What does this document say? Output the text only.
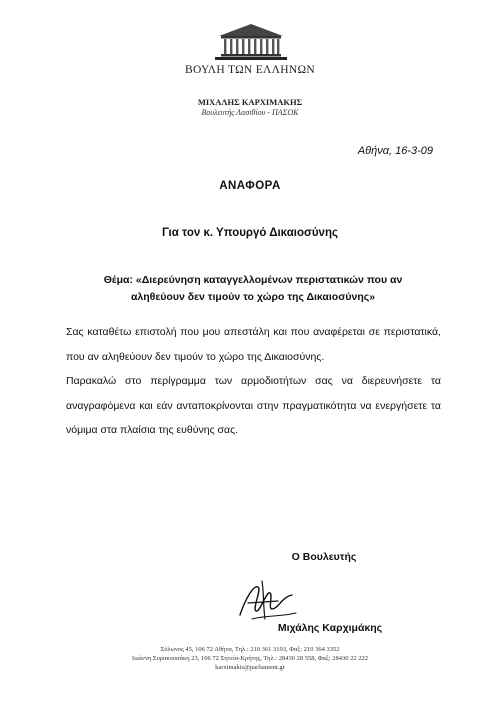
ΒΟΥΛΗ ΤΩΝ ΕΛΛΗΝΩΝ
ΜΙΧΑΛΗΣ ΚΑΡΧΙΜΑΚΗΣ
Βουλευτής Λασιθίου - ΠΑΣΟΚ
Αθήνα, 16-3-09
ΑΝΑΦΟΡΑ
Για τον κ. Υπουργό Δικαιοσύνης
Θέμα: «Διερεύνηση καταγγελλομένων περιστατικών που αν
αληθεύουν δεν τιμούν το χώρο της Δικαιοσύνης»

Σας καταθέτω επιστολή που μου απεστάλη και που αναφέρεται σε περιστατικά, που αν αληθεύουν δεν τιμούν το χώρο της Δικαιοσύνης.

Παρακαλώ στο περίγραμμα των αρμοδιοτήτων σας να διερευνήσετε τα αναγραφόμενα και εάν ανταποκρίνονται στην πραγματικότητα να ενεργήσετε τα νόμιμα στα πλαίσια της ευθύνης σας.

Ο Βουλευτής
Μιχάλης Καρχιμάκης
Σόλωνος 45, 106 72 Αθήνα, Τηλ.: 210 361 3193, Φαξ: 210 364 3352
Ιωάννη Συρακουσάκη 23, 106 72 Σητεία-Κρήτης, Τηλ.: 28430 28 558, Φαξ: 28430 22 222
karximakis@parliament.gr
